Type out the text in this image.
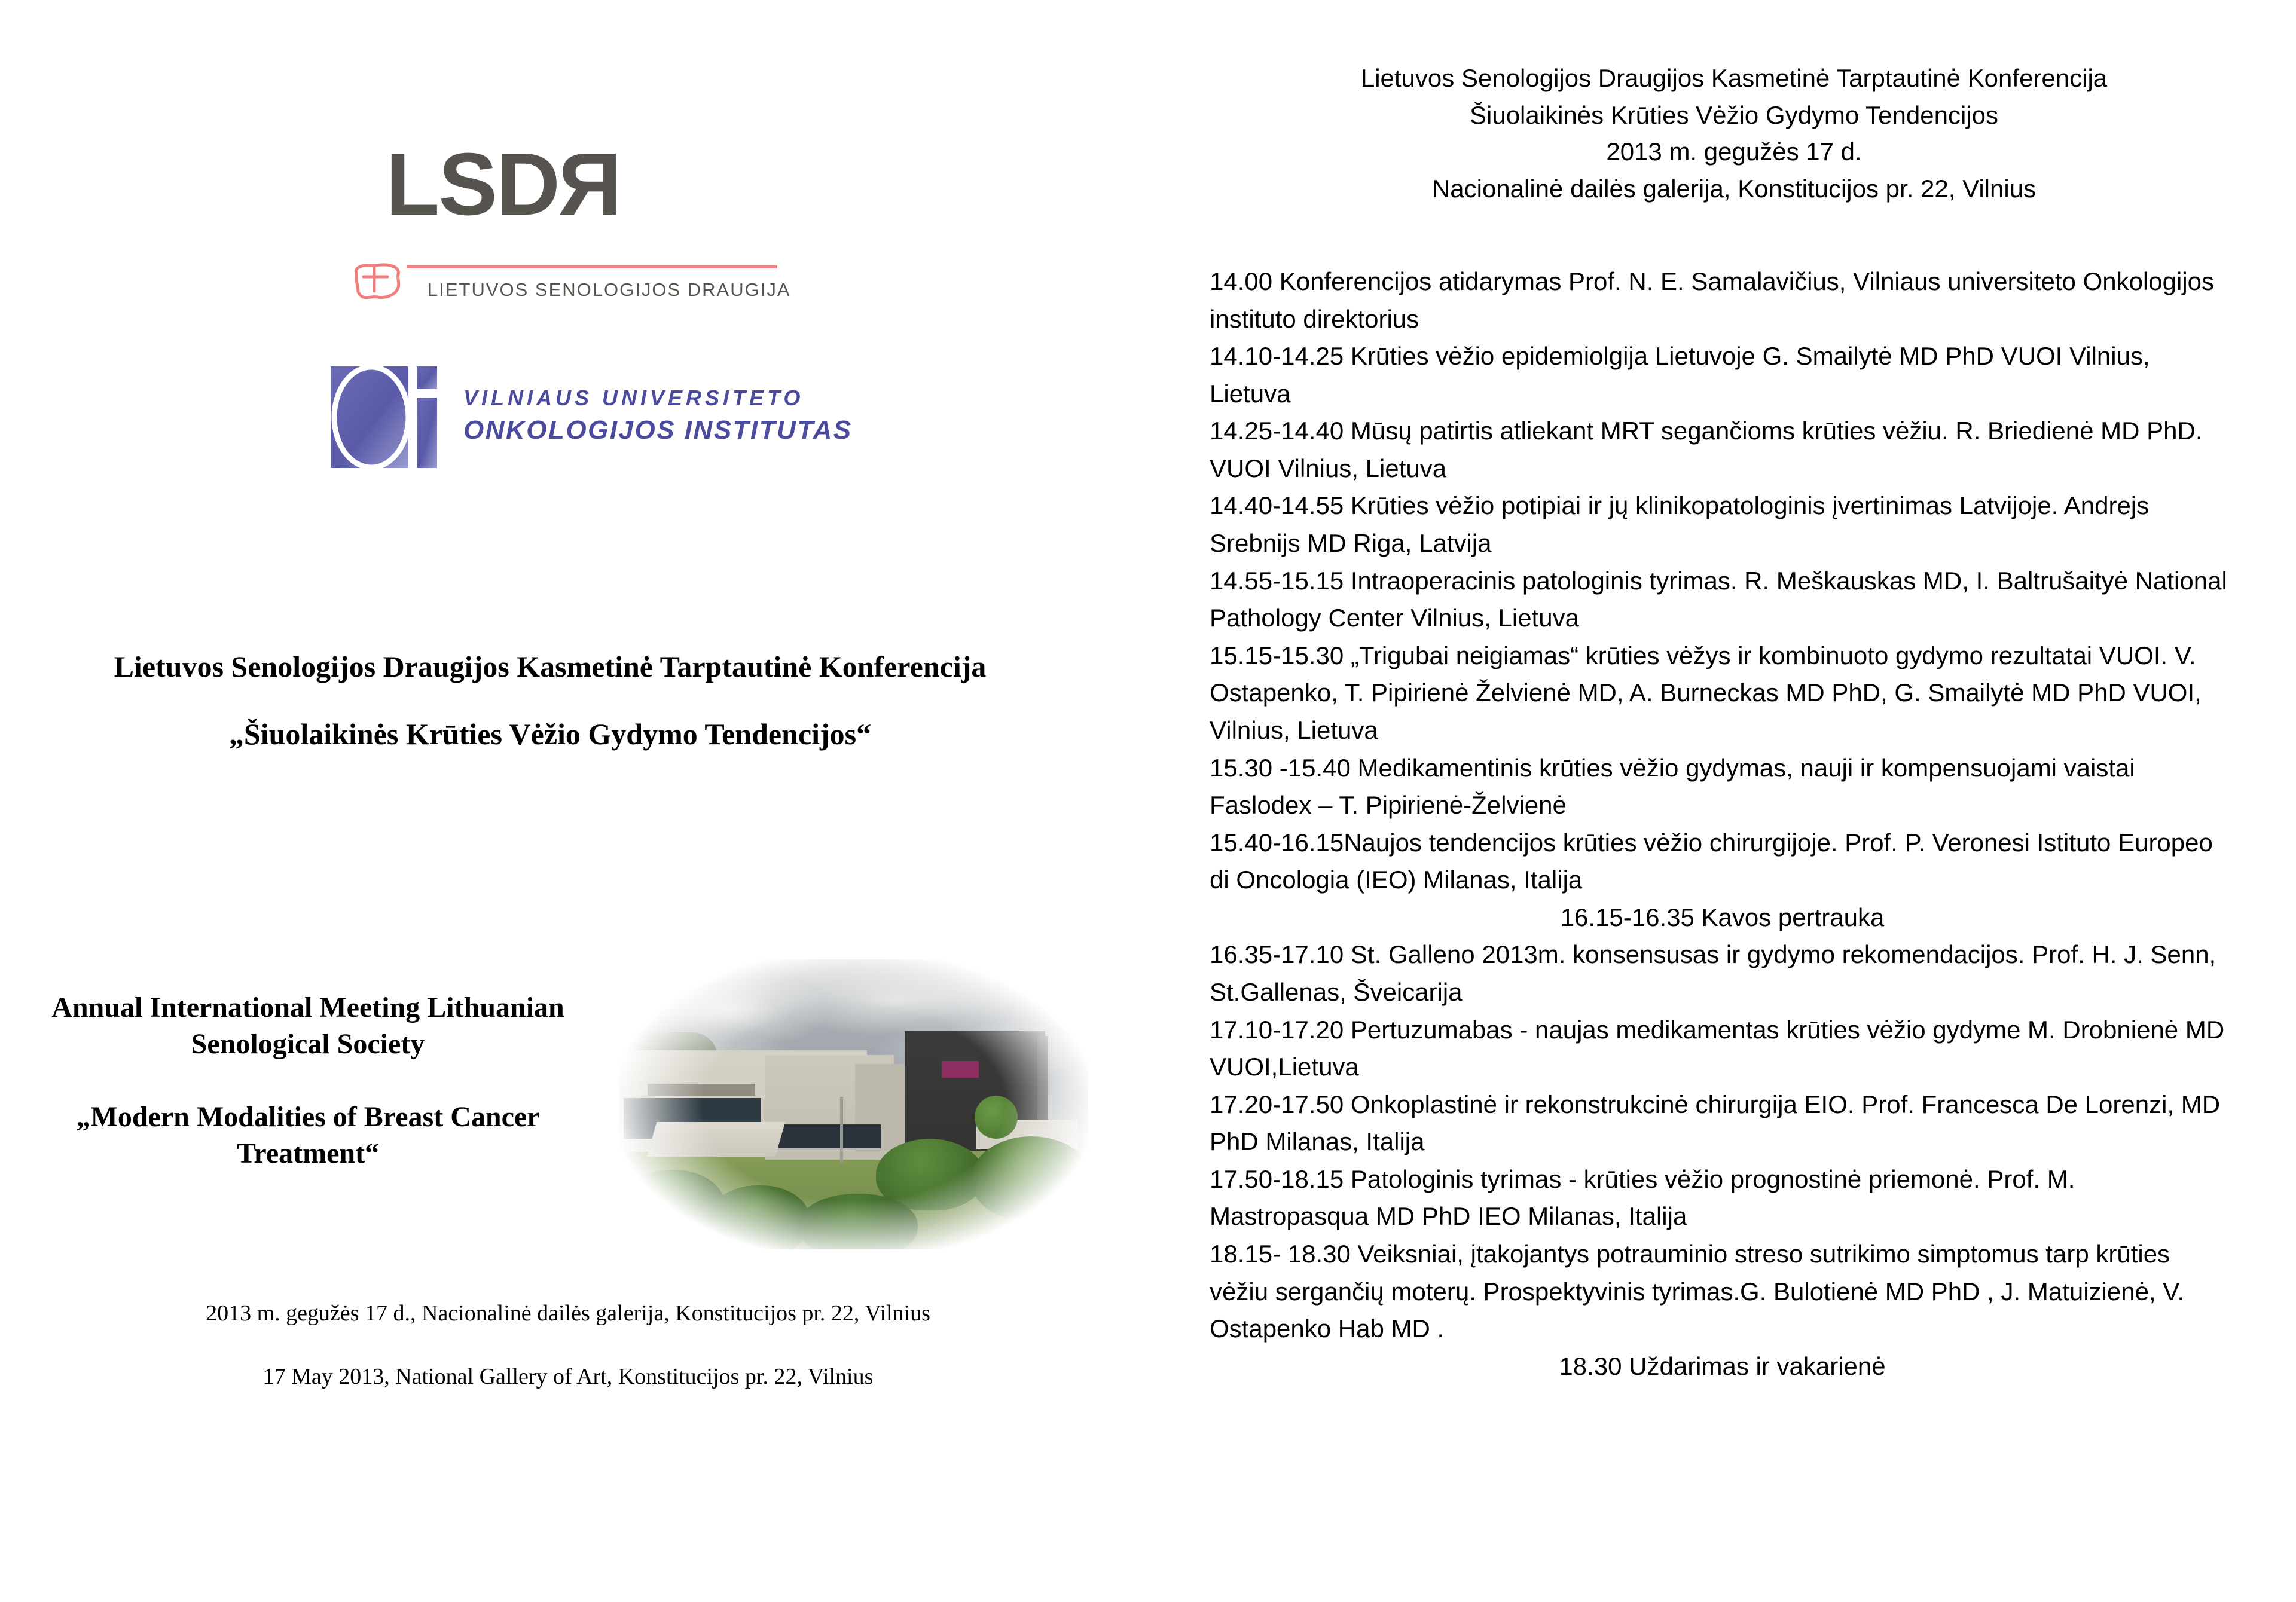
LSDR
LIETUVOS SENOLOGIJOS DRAUGIJA
VILNIAUS UNIVERSITETO
ONKOLOGIJOS INSTITUTAS
Lietuvos Senologijos Draugijos Kasmetinė Tarptautinė Konferencija
„Šiuolaikinės Krūties Vėžio Gydymo Tendencijos“
Annual International Meeting Lithuanian Senological Society
„Modern Modalities of Breast Cancer Treatment“
2013 m. gegužės 17 d., Nacionalinė dailės galerija, Konstitucijos pr. 22, Vilnius
17 May 2013, National Gallery of Art, Konstitucijos pr. 22, Vilnius
Lietuvos Senologijos Draugijos Kasmetinė Tarptautinė Konferencija
Šiuolaikinės Krūties Vėžio Gydymo Tendencijos
2013 m. gegužės 17 d.
Nacionalinė dailės galerija, Konstitucijos pr. 22, Vilnius
14.00 Konferencijos atidarymas Prof. N. E. Samalavičius, Vilniaus universiteto Onkologijos instituto direktorius
14.10-14.25 Krūties vėžio epidemiolgija Lietuvoje G. Smailytė MD PhD VUOI Vilnius, Lietuva
14.25-14.40 Mūsų patirtis atliekant MRT segančioms krūties vėžiu. R. Briedienė MD PhD. VUOI Vilnius, Lietuva
14.40-14.55 Krūties vėžio potipiai ir jų klinikopatologinis įvertinimas Latvijoje. Andrejs Srebnijs MD Riga, Latvija
14.55-15.15 Intraoperacinis patologinis tyrimas. R. Meškauskas MD, I. Baltrušaityė National Pathology Center Vilnius, Lietuva
15.15-15.30 „Trigubai neigiamas“ krūties vėžys ir kombinuoto gydymo rezultatai VUOI. V. Ostapenko, T. Pipirienė Želvienė MD, A. Burneckas MD PhD, G. Smailytė MD PhD VUOI, Vilnius, Lietuva
15.30 -15.40 Medikamentinis krūties vėžio gydymas, nauji ir kompensuojami vaistai Faslodex – T. Pipirienė-Želvienė
15.40-16.15Naujos tendencijos krūties vėžio chirurgijoje. Prof. P. Veronesi Istituto Europeo di Oncologia (IEO) Milanas, Italija
16.15-16.35 Kavos pertrauka
16.35-17.10 St. Galleno 2013m. konsensusas ir gydymo rekomendacijos. Prof. H. J. Senn, St.Gallenas, Šveicarija
17.10-17.20 Pertuzumabas - naujas medikamentas krūties vėžio gydyme M. Drobnienė MD VUOI,Lietuva
17.20-17.50 Onkoplastinė ir rekonstrukcinė chirurgija EIO. Prof. Francesca De Lorenzi, MD PhD Milanas, Italija
17.50-18.15 Patologinis tyrimas - krūties vėžio prognostinė priemonė. Prof. M. Mastropasqua MD PhD IEO Milanas, Italija
18.15- 18.30 Veiksniai, įtakojantys potrauminio streso sutrikimo simptomus tarp krūties vėžiu sergančių moterų. Prospektyvinis tyrimas.G. Bulotienė MD PhD , J. Matuizienė, V. Ostapenko Hab MD .
18.30 Uždarimas ir vakarienė
